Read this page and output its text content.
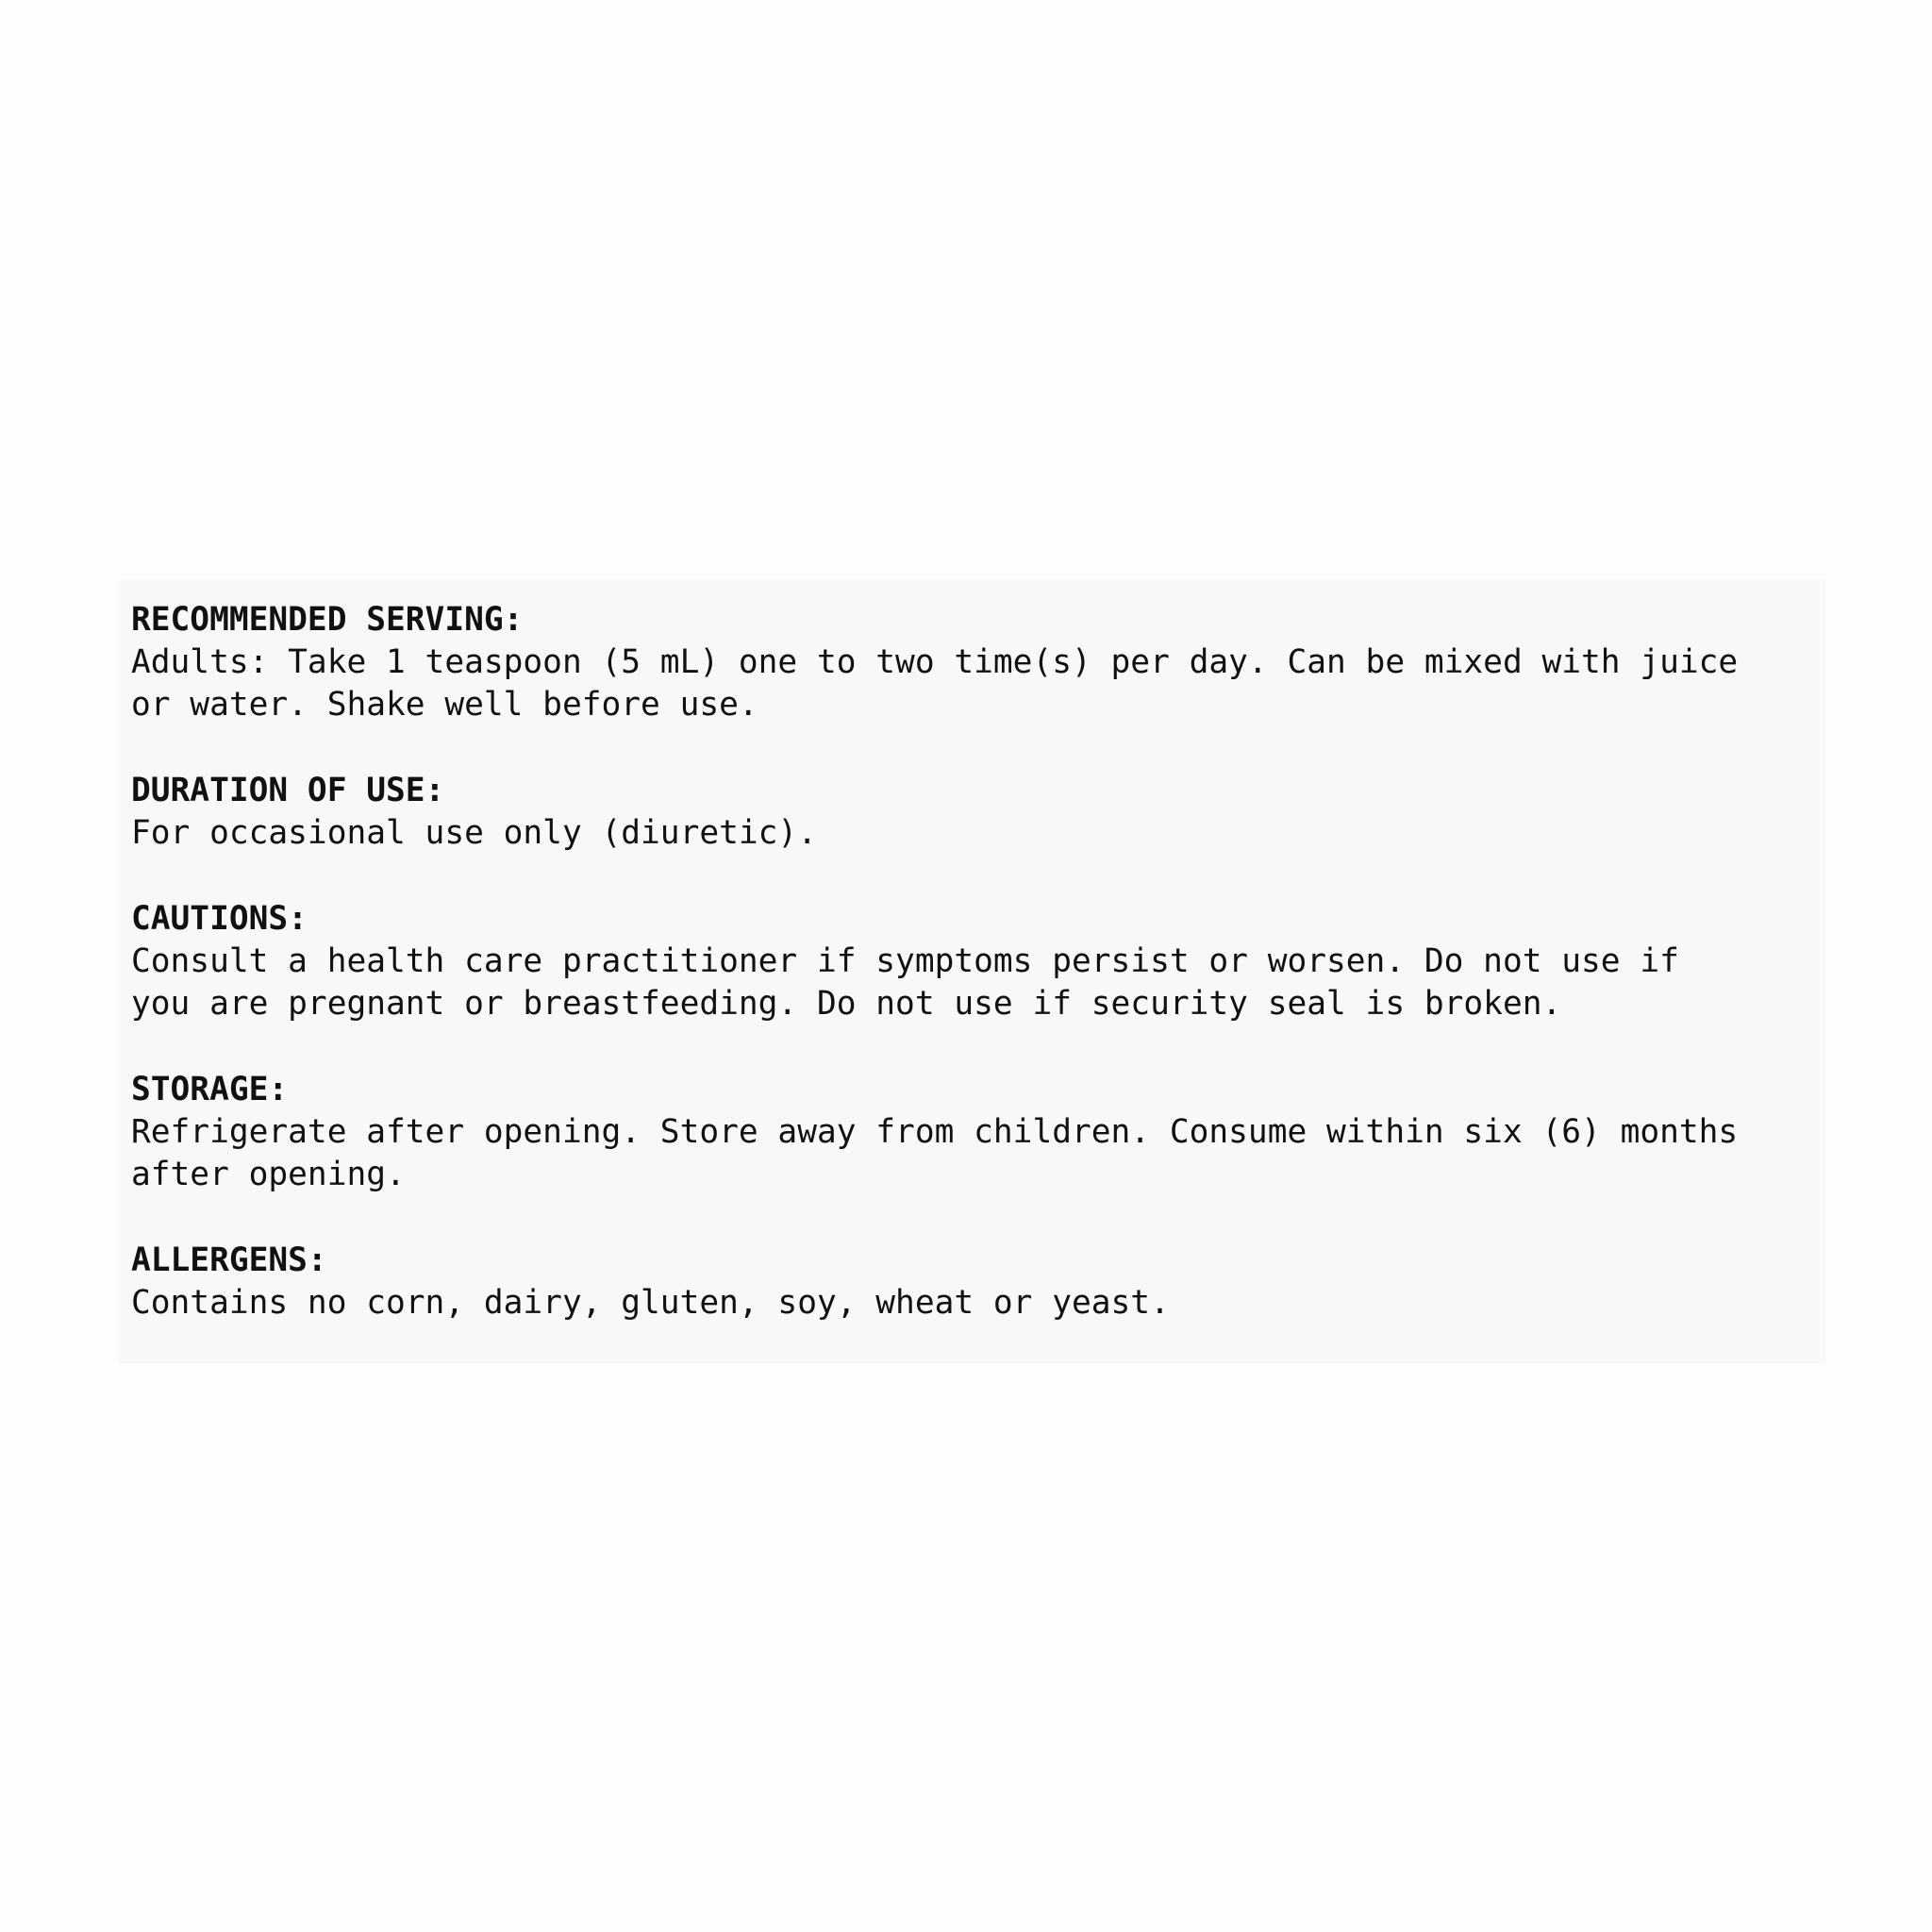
RECOMMENDED SERVING:
Adults: Take 1 teaspoon (5 mL) one to two time(s) per day. Can be mixed with juice
or water. Shake well before use.
DURATION OF USE:
For occasional use only (diuretic).
CAUTIONS:
Consult a health care practitioner if symptoms persist or worsen. Do not use if
you are pregnant or breastfeeding. Do not use if security seal is broken.
STORAGE:
Refrigerate after opening. Store away from children. Consume within six (6) months
after opening.
ALLERGENS:
Contains no corn, dairy, gluten, soy, wheat or yeast.
